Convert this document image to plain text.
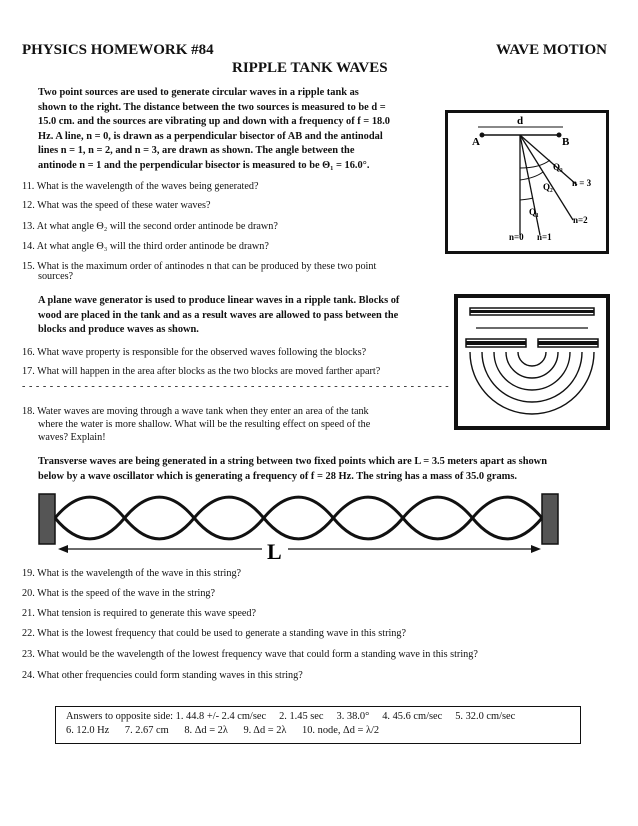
PHYSICS HOMEWORK #84	WAVE MOTION
RIPPLE TANK WAVES
Two point sources are used to generate circular waves in a ripple tank as
shown to the right. The distance between the two sources is measured to be d =
15.0 cm. and the sources are vibrating up and down with a frequency of f = 18.0
Hz. A line, n = 0, is drawn as a perpendicular bisector of AB and the antinodal
lines n = 1, n = 2, and n = 3, are drawn as shown. The angle between the
antinode n = 1 and the perpendicular bisector is measured to be Θ₁ = 16.0°.
d
A	B
Q₃
Q₂
Q₁
n = 3
n=2
n=0 n=1
11. What is the wavelength of the waves being generated?
12. What was the speed of these water waves?
13. At what angle Θ₂ will the second order antinode be drawn?
14. At what angle Θ₃ will the third order antinode be drawn?
15. What is the maximum order of antinodes n that can be produced by these two point
sources?
A plane wave generator is used to produce linear waves in a ripple tank. Blocks of
wood are placed in the tank and as a result waves are allowed to pass between the
blocks and produce waves as shown.
16. What wave property is responsible for the observed waves following the blocks?
17. What will happen in the area after blocks as the two blocks are moved farther apart?
- - - - - - - - - - - - - - - - - - - - - - - - - - - - - - - - - - - - - - - - - - - - - - - - - - - - - - - - - - - - - -
18. Water waves are moving through a wave tank when they enter an area of the tank
where the water is more shallow. What will be the resulting effect on speed of the
waves? Explain!
Transverse waves are being generated in a string between two fixed points which are L = 3.5 meters apart as shown
below by a wave oscillator which is generating a frequency of f = 28 Hz. The string has a mass of 35.0 grams.
L
19. What is the wavelength of the wave in this string?
20. What is the speed of the wave in the string?
21. What tension is required to generate this wave speed?
22. What is the lowest frequency that could be used to generate a standing wave in this string?
23. What would be the wavelength of the lowest frequency wave that could form a standing wave in this string?
24. What other frequencies could form standing waves in this string?
Answers to opposite side: 1. 44.8 +/- 2.4 cm/sec     2. 1.45 sec     3. 38.0°     4. 45.6 cm/sec     5. 32.0 cm/sec
6. 12.0 Hz      7. 2.67 cm      8. Δd = 2λ      9. Δd = 2λ      10. node, Δd = λ/2
